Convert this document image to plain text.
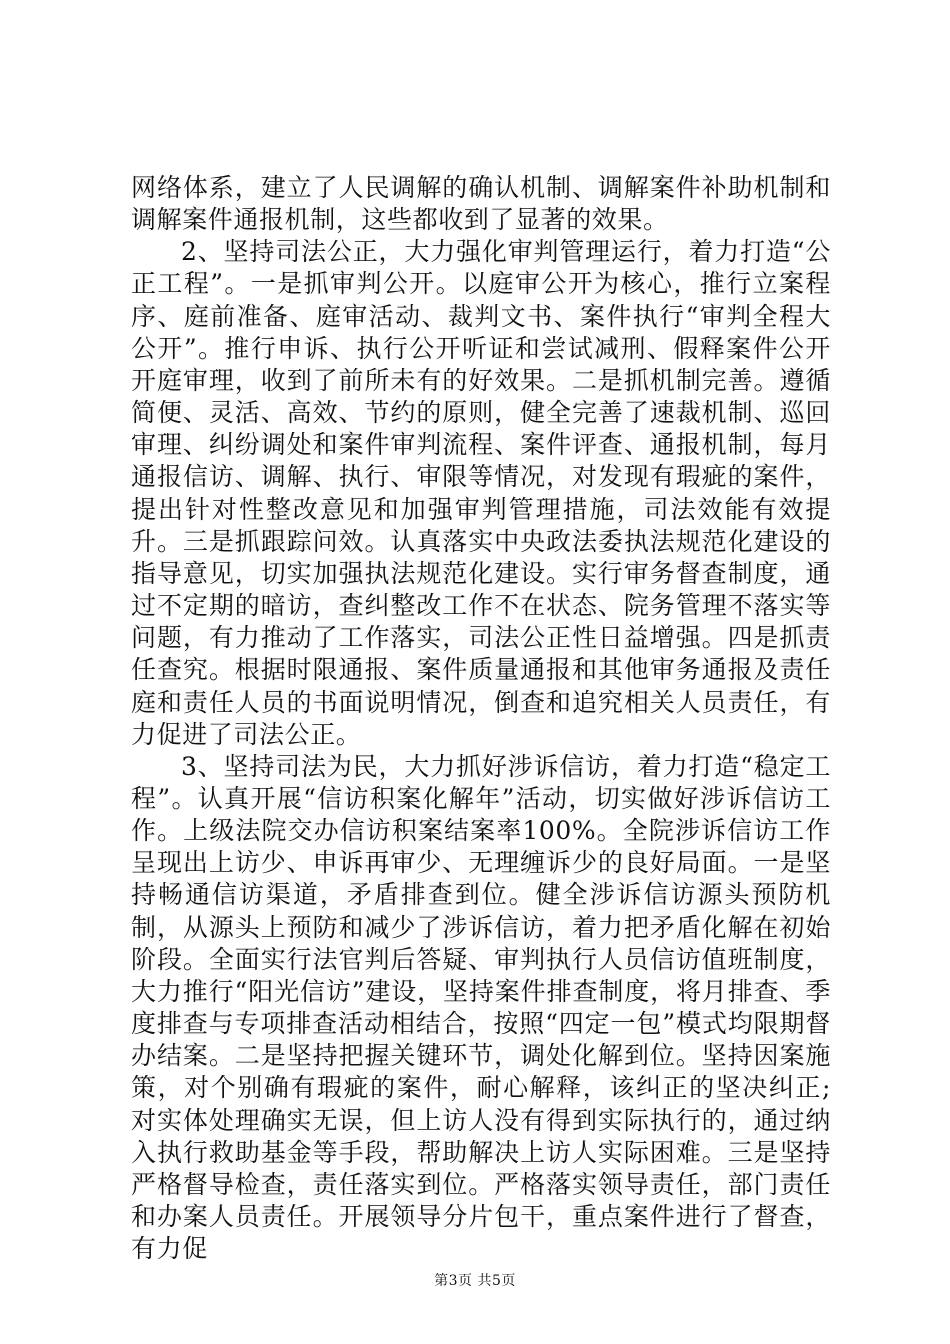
网络体系，建立了人民调解的确认机制、调解案件补助机制和调解案件通报机制，这些都收到了显著的效果。

2、坚持司法公正，大力强化审判管理运行，着力打造“公正工程”。一是抓审判公开。以庭审公开为核心，推行立案程序、庭前准备、庭审活动、裁判文书、案件执行“审判全程大公开”。推行申诉、执行公开听证和尝试减刑、假释案件公开开庭审理，收到了前所未有的好效果。二是抓机制完善。遵循简便、灵活、高效、节约的原则，健全完善了速裁机制、巡回审理、纠纷调处和案件审判流程、案件评查、通报机制，每月通报信访、调解、执行、审限等情况，对发现有瑕疵的案件，提出针对性整改意见和加强审判管理措施，司法效能有效提升。三是抓跟踪问效。认真落实中央政法委执法规范化建设的指导意见，切实加强执法规范化建设。实行审务督查制度，通过不定期的暗访，查纠整改工作不在状态、院务管理不落实等问题，有力推动了工作落实，司法公正性日益增强。四是抓责任查究。根据时限通报、案件质量通报和其他审务通报及责任庭和责任人员的书面说明情况，倒查和追究相关人员责任，有力促进了司法公正。

3、坚持司法为民，大力抓好涉诉信访，着力打造“稳定工程”。认真开展“信访积案化解年”活动，切实做好涉诉信访工作。上级法院交办信访积案结案率100%。全院涉诉信访工作呈现出上访少、申诉再审少、无理缠诉少的良好局面。一是坚持畅通信访渠道，矛盾排查到位。健全涉诉信访源头预防机制，从源头上预防和减少了涉诉信访，着力把矛盾化解在初始阶段。全面实行法官判后答疑、审判执行人员信访值班制度，大力推行“阳光信访”建设，坚持案件排查制度，将月排查、季度排查与专项排查活动相结合，按照“四定一包”模式均限期督办结案。二是坚持把握关键环节，调处化解到位。坚持因案施策，对个别确有瑕疵的案件，耐心解释，该纠正的坚决纠正;对实体处理确实无误，但上访人没有得到实际执行的，通过纳入执行救助基金等手段，帮助解决上访人实际困难。三是坚持严格督导检查，责任落实到位。严格落实领导责任，部门责任和办案人员责任。开展领导分片包干，重点案件进行了督查，有力促

第3页 共5页
